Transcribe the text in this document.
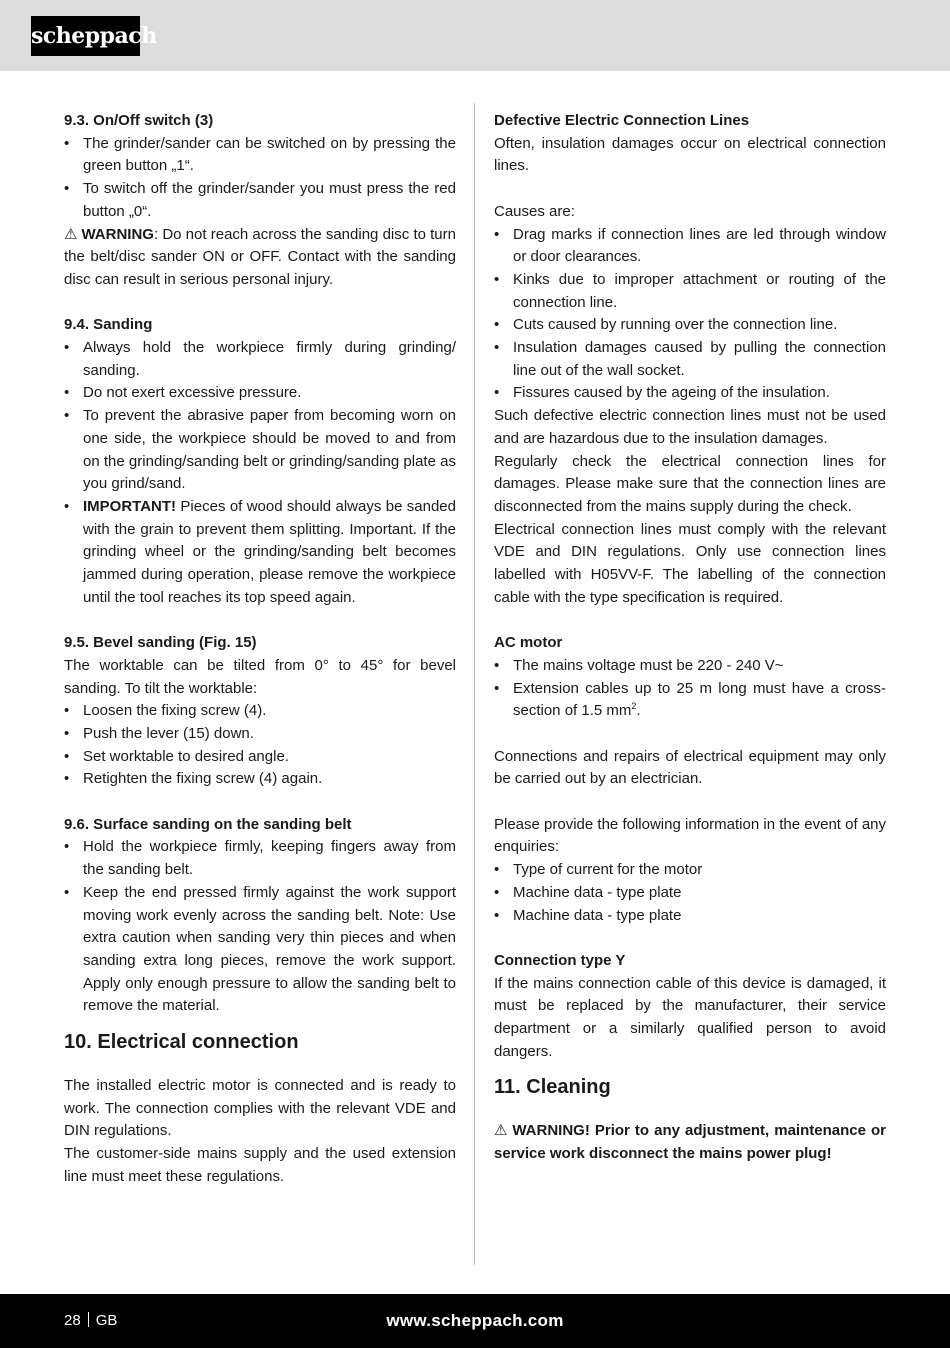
scheppach

9.3. On/Off switch (3)

• The grinder/sander can be switched on by pressing the green button „1“.
• To switch off the grinder/sander you must press the red button „0“.

⚠ WARNING: Do not reach across the sanding disc to turn the belt/disc sander ON or OFF. Contact with the sanding disc can result in serious personal injury.

9.4. Sanding

• Always hold the workpiece firmly during grinding/ sanding.
• Do not exert excessive pressure.
• To prevent the abrasive paper from becoming worn on one side, the workpiece should be moved to and from on the grinding/sanding belt or grinding/sanding plate as you grind/sand.
• IMPORTANT! Pieces of wood should always be sanded with the grain to prevent them splitting. Important. If the grinding wheel or the grinding/sanding belt becomes jammed during operation, please remove the workpiece until the tool reaches its top speed again.

9.5. Bevel sanding (Fig. 15)

The worktable can be tilted from 0° to 45° for bevel sanding. To tilt the worktable:

• Loosen the fixing screw (4).
• Push the lever (15) down.
• Set worktable to desired angle.
• Retighten the fixing screw (4) again.

9.6. Surface sanding on the sanding belt

• Hold the workpiece firmly, keeping fingers away from the sanding belt.
• Keep the end pressed firmly against the work support moving work evenly across the sanding belt. Note: Use extra caution when sanding very thin pieces and when sanding extra long pieces, remove the work support. Apply only enough pressure to allow the sanding belt to remove the material.

10. Electrical connection

The installed electric motor is connected and is ready to work. The connection complies with the relevant VDE and DIN regulations.

The customer-side mains supply and the used extension line must meet these regulations.

Defective Electric Connection Lines

Often, insulation damages occur on electrical connection lines.

Causes are:

• Drag marks if connection lines are led through window or door clearances.
• Kinks due to improper attachment or routing of the connection line.
• Cuts caused by running over the connection line.
• Insulation damages caused by pulling the connection line out of the wall socket.
• Fissures caused by the ageing of the insulation.

Such defective electric connection lines must not be used and are hazardous due to the insulation damages.

Regularly check the electrical connection lines for damages. Please make sure that the connection lines are disconnected from the mains supply during the check.

Electrical connection lines must comply with the relevant VDE and DIN regulations. Only use connection lines labelled with H05VV-F. The labelling of the connection cable with the type specification is required.

AC motor

• The mains voltage must be 220 - 240 V~
• Extension cables up to 25 m long must have a cross-section of 1.5 $mm^2$.

Connections and repairs of electrical equipment may only be carried out by an electrician.

Please provide the following information in the event of any enquiries:

• Type of current for the motor
• Machine data - type plate
• Machine data - type plate

Connection type Y

If the mains connection cable of this device is damaged, it must be replaced by the manufacturer, their service department or a similarly qualified person to avoid dangers.

11. Cleaning

⚠ WARNING! Prior to any adjustment, maintenance or service work disconnect the mains power plug!

28 GB	www.scheppach.com
